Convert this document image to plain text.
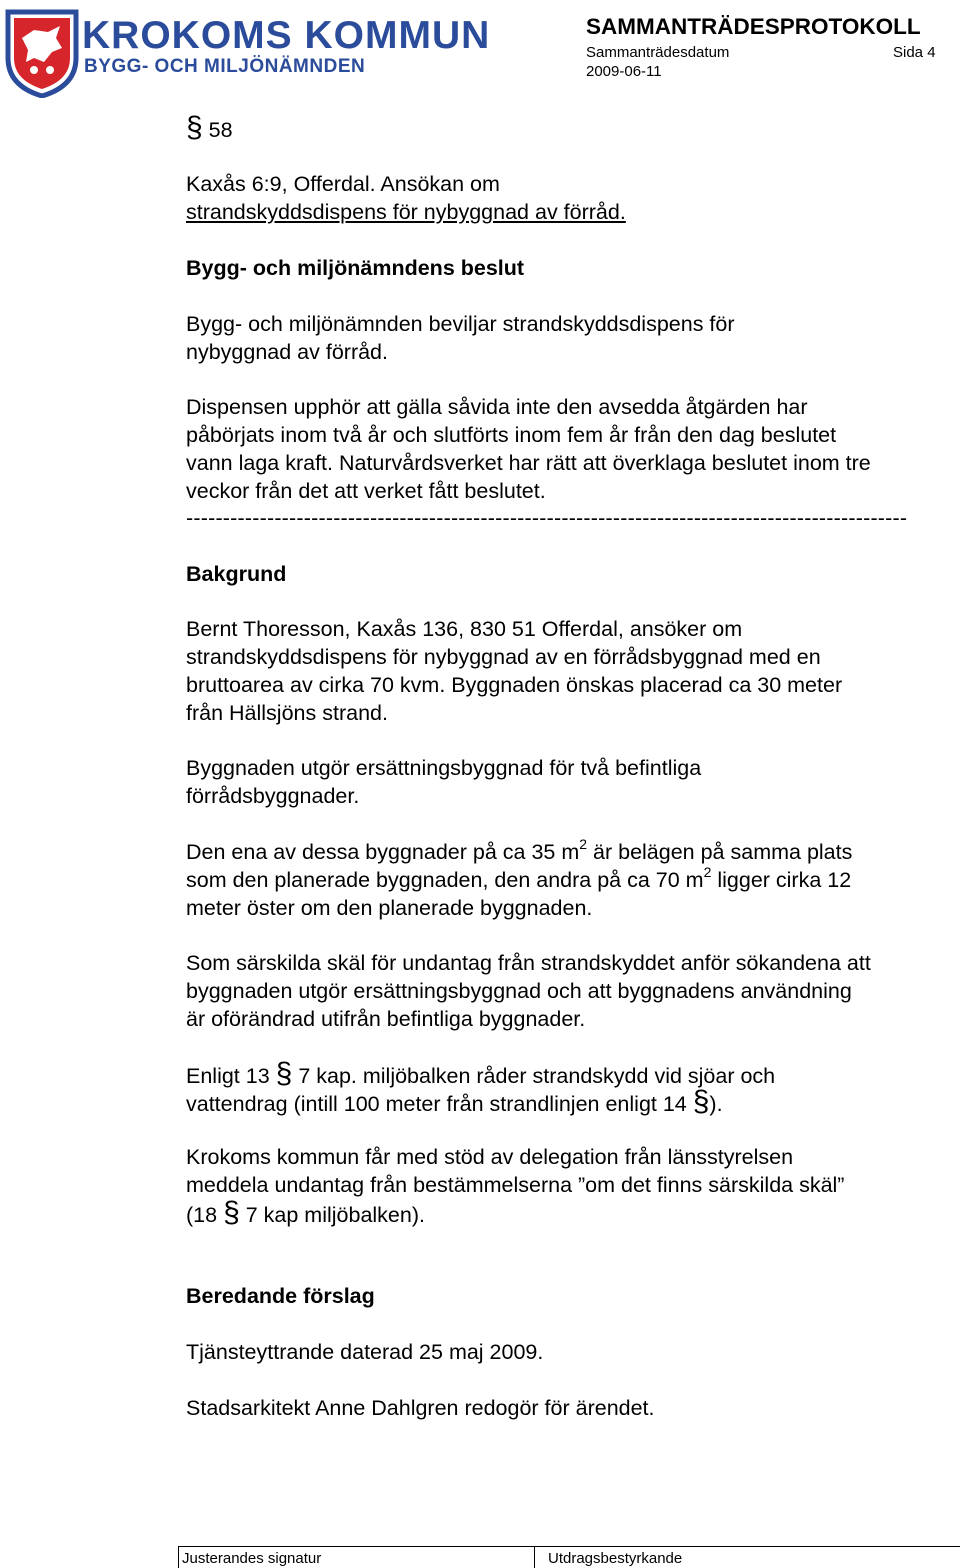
KROKOMS KOMMUN
BYGG- OCH MILJÖNÄMNDEN
SAMMANTRÄDESPROTOKOLL
Sammanträdesdatum	Sida 4
2009-06-11
§ 58
Kaxås 6:9, Offerdal. Ansökan om
strandskyddsdispens för nybyggnad av förråd.
Bygg- och miljönämndens beslut
Bygg- och miljönämnden beviljar strandskyddsdispens för
nybyggnad av förråd.
Dispensen upphör att gälla såvida inte den avsedda åtgärden har
påbörjats inom två år och slutförts inom fem år från den dag beslutet
vann laga kraft. Naturvårdsverket har rätt att överklaga beslutet inom tre
veckor från det att verket fått beslutet.
--------------------------------------------------------------------------------------------------
Bakgrund
Bernt Thoresson, Kaxås 136, 830 51 Offerdal, ansöker om
strandskyddsdispens för nybyggnad av en förrådsbyggnad med en
bruttoarea av cirka 70 kvm. Byggnaden önskas placerad ca 30 meter
från Hällsjöns strand.
Byggnaden utgör ersättningsbyggnad för två befintliga
förrådsbyggnader.
Den ena av dessa byggnader på ca 35 $m^2$ är belägen på samma plats
som den planerade byggnaden, den andra på ca 70 $m^2$ ligger cirka 12
meter öster om den planerade byggnaden.
Som särskilda skäl för undantag från strandskyddet anför sökandena att
byggnaden utgör ersättningsbyggnad och att byggnadens användning
är oförändrad utifrån befintliga byggnader.
Enligt 13 § 7 kap. miljöbalken råder strandskydd vid sjöar och
vattendrag (intill 100 meter från strandlinjen enligt 14 §).
Krokoms kommun får med stöd av delegation från länsstyrelsen
meddela undantag från bestämmelserna ”om det finns särskilda skäl”
(18 § 7 kap miljöbalken).
Beredande förslag
Tjänsteyttrande daterad 25 maj 2009.
Stadsarkitekt Anne Dahlgren redogör för ärendet.
Justerandes signatur	Utdragsbestyrkande
